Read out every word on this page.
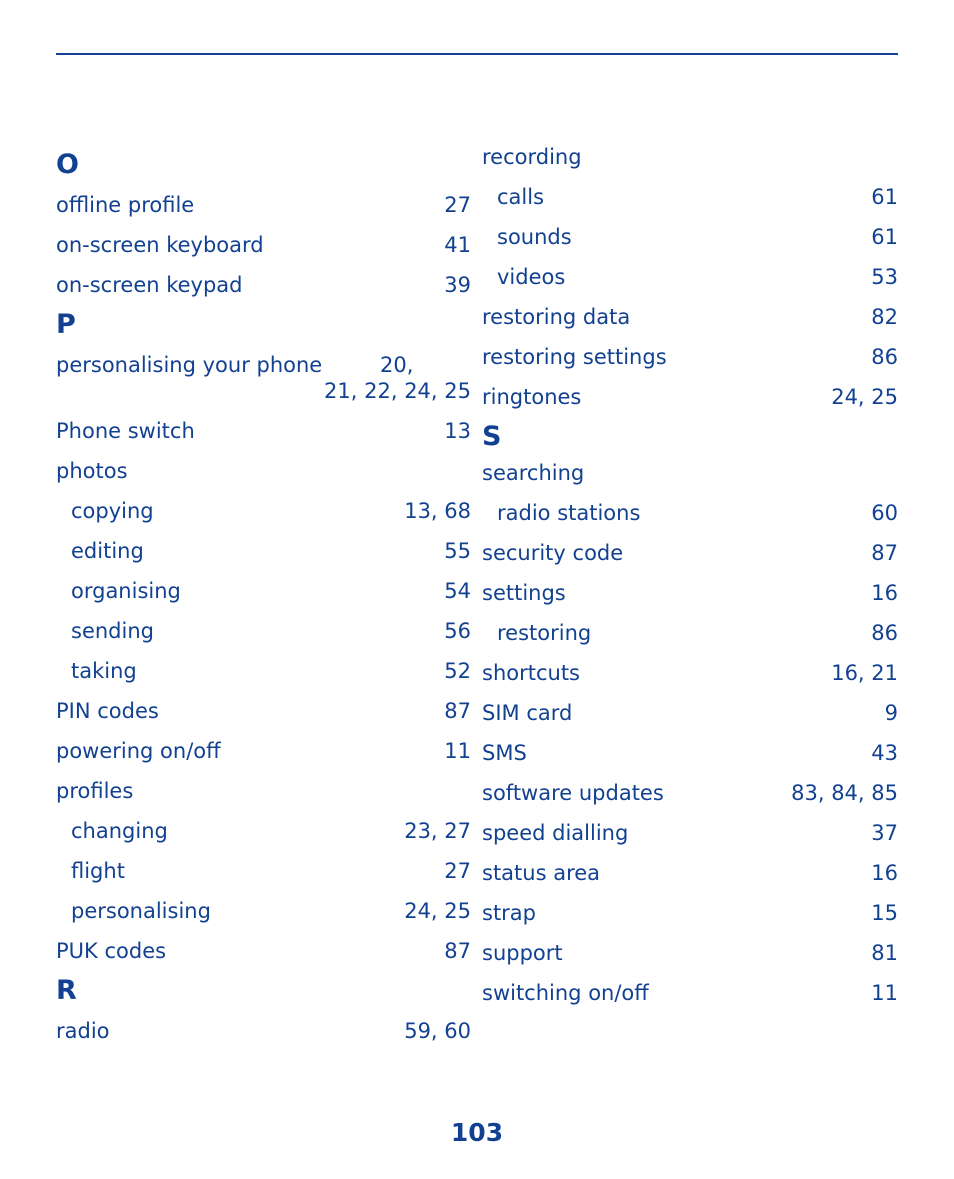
O
offline profile	27
on-screen keyboard	41
on-screen keypad	39
P
personalising your phone	20,
21, 22, 24, 25
Phone switch	13
photos
copying	13, 68
editing	55
organising	54
sending	56
taking	52
PIN codes	87
powering on/off	11
profiles
changing	23, 27
flight	27
personalising	24, 25
PUK codes	87
R
radio	59, 60
recording
calls	61
sounds	61
videos	53
restoring data	82
restoring settings	86
ringtones	24, 25
S
searching
radio stations	60
security code	87
settings	16
restoring	86
shortcuts	16, 21
SIM card	9
SMS	43
software updates	83, 84, 85
speed dialling	37
status area	16
strap	15
support	81
switching on/off	11
103
